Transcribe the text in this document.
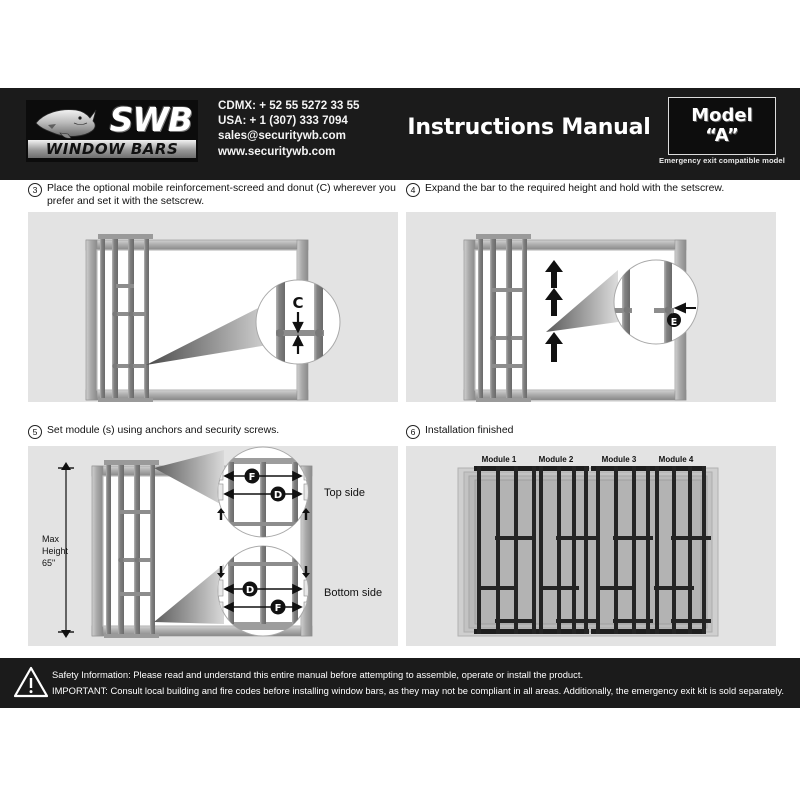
SWB
WINDOW BARS
CDMX: + 52 55 5272 33 55
USA: + 1 (307) 333 7094
sales@securitywb.com
www.securitywb.com
Instructions Manual Model
“A”
Emergency exit compatible model
3 Place the optional mobile reinforcement-screed and donut (C) wherever you prefer and set it with the setscrew.
C
4 Expand the bar to the required height and hold with the setscrew.
E
5 Set module (s) using anchors and security screws.
Max
Height
65"
F
D	Top side
D
F
Bottom side
6 Installation finished
Module 1	Module 2	Module 3	Module 4
Safety Information: Please read and understand this entire manual before attempting to assemble, operate or install the product.
IMPORTANT: Consult local building and fire codes before installing window bars, as they may not be compliant in all areas. Additionally, the emergency exit kit is sold separately.
